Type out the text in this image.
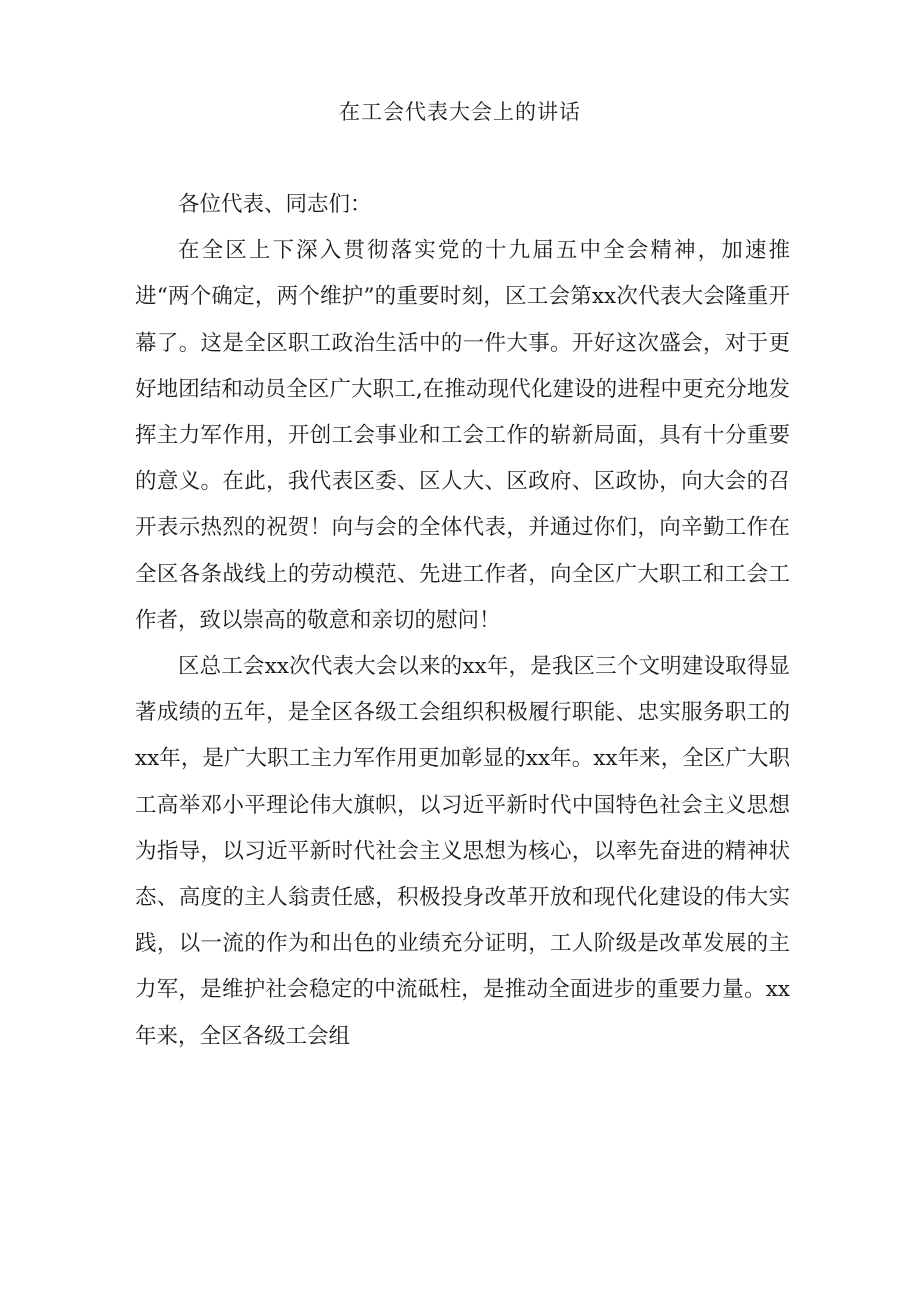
在工会代表大会上的讲话

各位代表、同志们：

在全区上下深入贯彻落实党的十九届五中全会精神，加速推进“两个确定，两个维护”的重要时刻，区工会第xx次代表大会隆重开幕了。这是全区职工政治生活中的一件大事。开好这次盛会，对于更好地团结和动员全区广大职工,在推动现代化建设的进程中更充分地发挥主力军作用，开创工会事业和工会工作的崭新局面，具有十分重要的意义。在此，我代表区委、区人大、区政府、区政协，向大会的召开表示热烈的祝贺！向与会的全体代表，并通过你们，向辛勤工作在全区各条战线上的劳动模范、先进工作者，向全区广大职工和工会工作者，致以崇高的敬意和亲切的慰问！

区总工会xx次代表大会以来的xx年，是我区三个文明建设取得显著成绩的五年，是全区各级工会组织积极履行职能、忠实服务职工的xx年，是广大职工主力军作用更加彰显的xx年。xx年来，全区广大职工高举邓小平理论伟大旗帜，以习近平新时代中国特色社会主义思想为指导，以习近平新时代社会主义思想为核心，以率先奋进的精神状态、高度的主人翁责任感，积极投身改革开放和现代化建设的伟大实践，以一流的作为和出色的业绩充分证明，工人阶级是改革发展的主力军，是维护社会稳定的中流砥柱，是推动全面进步的重要力量。xx年来，全区各级工会组
